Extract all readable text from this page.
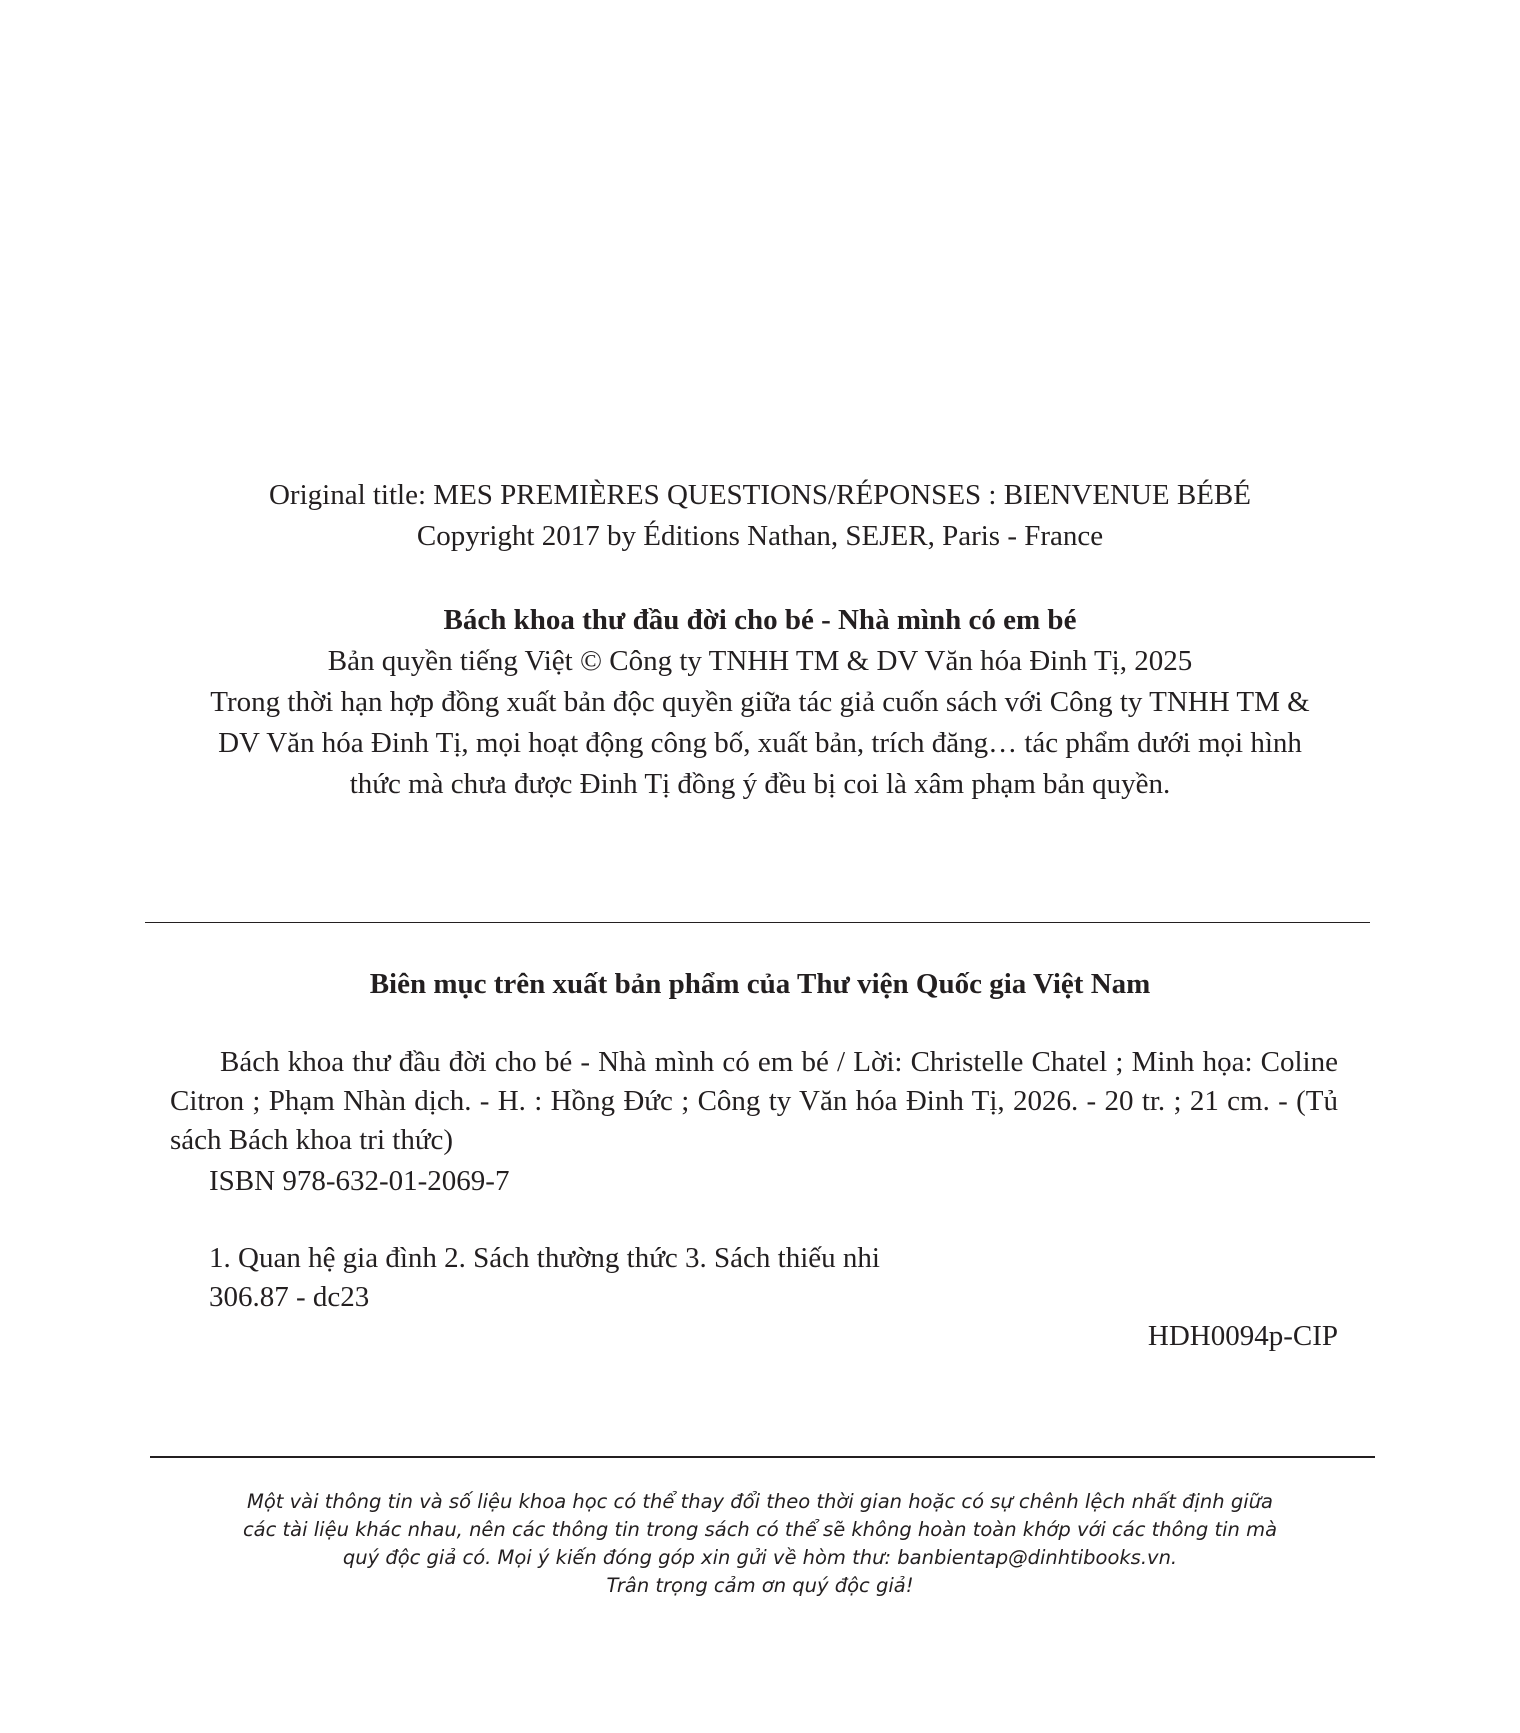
Original title: MES PREMIÈRES QUESTIONS/RÉPONSES : BIENVENUE BÉBÉ
Copyright 2017 by Éditions Nathan, SEJER, Paris - France
Bách khoa thư đầu đời cho bé - Nhà mình có em bé
Bản quyền tiếng Việt © Công ty TNHH TM & DV Văn hóa Đinh Tị, 2025
Trong thời hạn hợp đồng xuất bản độc quyền giữa tác giả cuốn sách với Công ty TNHH TM &
DV Văn hóa Đinh Tị, mọi hoạt động công bố, xuất bản, trích đăng… tác phẩm dưới mọi hình
thức mà chưa được Đinh Tị đồng ý đều bị coi là xâm phạm bản quyền.
Biên mục trên xuất bản phẩm của Thư viện Quốc gia Việt Nam
Bách khoa thư đầu đời cho bé - Nhà mình có em bé / Lời: Christelle Chatel ; Minh họa: Coline Citron ; Phạm Nhàn dịch. - H. : Hồng Đức ; Công ty Văn hóa Đinh Tị, 2026. - 20 tr. ; 21 cm. - (Tủ sách Bách khoa tri thức)
ISBN 978-632-01-2069-7
1. Quan hệ gia đình 2. Sách thường thức 3. Sách thiếu nhi
306.87 - dc23
HDH0094p-CIP
Một vài thông tin và số liệu khoa học có thể thay đổi theo thời gian hoặc có sự chênh lệch nhất định giữa
các tài liệu khác nhau, nên các thông tin trong sách có thể sẽ không hoàn toàn khớp với các thông tin mà
quý độc giả có. Mọi ý kiến đóng góp xin gửi về hòm thư: banbientap@dinhtibooks.vn.
Trân trọng cảm ơn quý độc giả!
